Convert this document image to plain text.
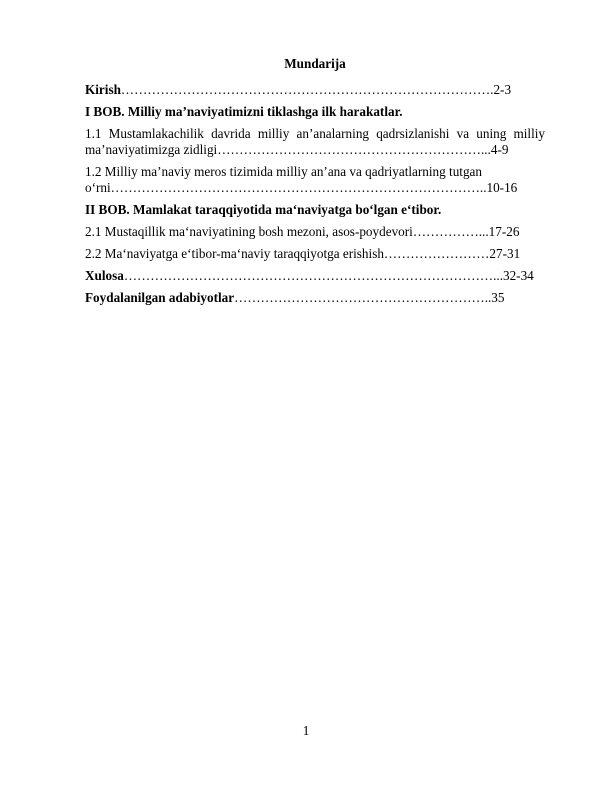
Mundarija
Kirish………………………………………………………………………….2-3
I BOB. Milliy ma’naviyatimizni tiklashga ilk harakatlar.
1.1 Mustamlakachilik davrida milliy an’analarning qadrsizlanishi va uning milliy
ma’naviyatimizga zidligi……………………………………………………...4-9
1.2 Milliy ma’naviy meros tizimida milliy an’ana va qadriyatlarning tutgan
o‘rni…………………………………………………………………………..10-16
II BOB. Mamlakat taraqqiyotida ma‘naviyatga bo‘lgan e‘tibor.
2.1 Mustaqillik ma‘naviyatining bosh mezoni, asos-poydevori……………...17-26
2.2 Ma‘naviyatga e‘tibor-ma‘naviy taraqqiyotga erishish……………………27-31
Xulosa…………………………………………………………………………...32-34
Foydalanilgan adabiyotlar…………………………………………………..35
1
